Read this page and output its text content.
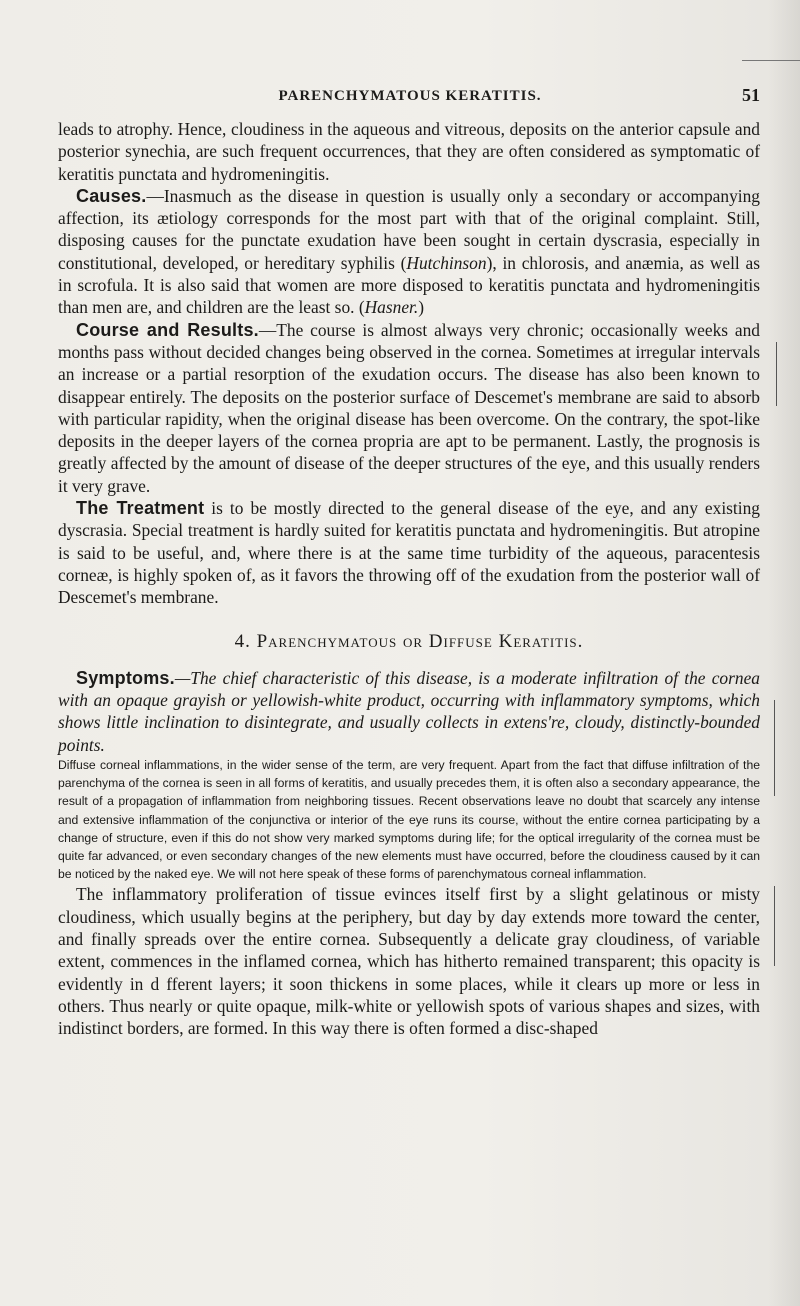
PARENCHYMATOUS KERATITIS.	51

leads to atrophy. Hence, cloudiness in the aqueous and vitreous, deposits on the anterior capsule and posterior synechia, are such frequent occurrences, that they are often considered as symptomatic of keratitis punctata and hydromeningitis.

Causes.—Inasmuch as the disease in question is usually only a secondary or accompanying affection, its ætiology corresponds for the most part with that of the original complaint. Still, disposing causes for the punctate exudation have been sought in certain dyscrasia, especially in constitutional, developed, or hereditary syphilis (Hutchinson), in chlorosis, and anæmia, as well as in scrofula. It is also said that women are more disposed to keratitis punctata and hydromeningitis than men are, and children are the least so. (Hasner.)

Course and Results.—The course is almost always very chronic; occasionally weeks and months pass without decided changes being observed in the cornea. Sometimes at irregular intervals an increase or a partial resorption of the exudation occurs. The disease has also been known to disappear entirely. The deposits on the posterior surface of Descemet's membrane are said to absorb with particular rapidity, when the original disease has been overcome. On the contrary, the spot-like deposits in the deeper layers of the cornea propria are apt to be permanent. Lastly, the prognosis is greatly affected by the amount of disease of the deeper structures of the eye, and this usually renders it very grave.

The Treatment is to be mostly directed to the general disease of the eye, and any existing dyscrasia. Special treatment is hardly suited for keratitis punctata and hydromeningitis. But atropine is said to be useful, and, where there is at the same time turbidity of the aqueous, paracentesis corneæ, is highly spoken of, as it favors the throwing off of the exudation from the posterior wall of Descemet's membrane.

4. Parenchymatous or Diffuse Keratitis.

Symptoms.—The chief characteristic of this disease, is a moderate infiltration of the cornea with an opaque grayish or yellowish-white product, occurring with inflammatory symptoms, which shows little inclination to disintegrate, and usually collects in extens're, cloudy, distinctly-bounded points.

Diffuse corneal inflammations, in the wider sense of the term, are very frequent. Apart from the fact that diffuse infiltration of the parenchyma of the cornea is seen in all forms of keratitis, and usually precedes them, it is often also a secondary appearance, the result of a propagation of inflammation from neighboring tissues. Recent observations leave no doubt that scarcely any intense and extensive inflammation of the conjunctiva or interior of the eye runs its course, without the entire cornea participating by a change of structure, even if this do not show very marked symptoms during life; for the optical irregularity of the cornea must be quite far advanced, or even secondary changes of the new elements must have occurred, before the cloudiness caused by it can be noticed by the naked eye. We will not here speak of these forms of parenchymatous corneal inflammation.

The inflammatory proliferation of tissue evinces itself first by a slight gelatinous or misty cloudiness, which usually begins at the periphery, but day by day extends more toward the center, and finally spreads over the entire cornea. Subsequently a delicate gray cloudiness, of variable extent, commences in the inflamed cornea, which has hitherto remained transparent; this opacity is evidently in d fferent layers; it soon thickens in some places, while it clears up more or less in others. Thus nearly or quite opaque, milk-white or yellowish spots of various shapes and sizes, with indistinct borders, are formed. In this way there is often formed a disc-shaped
